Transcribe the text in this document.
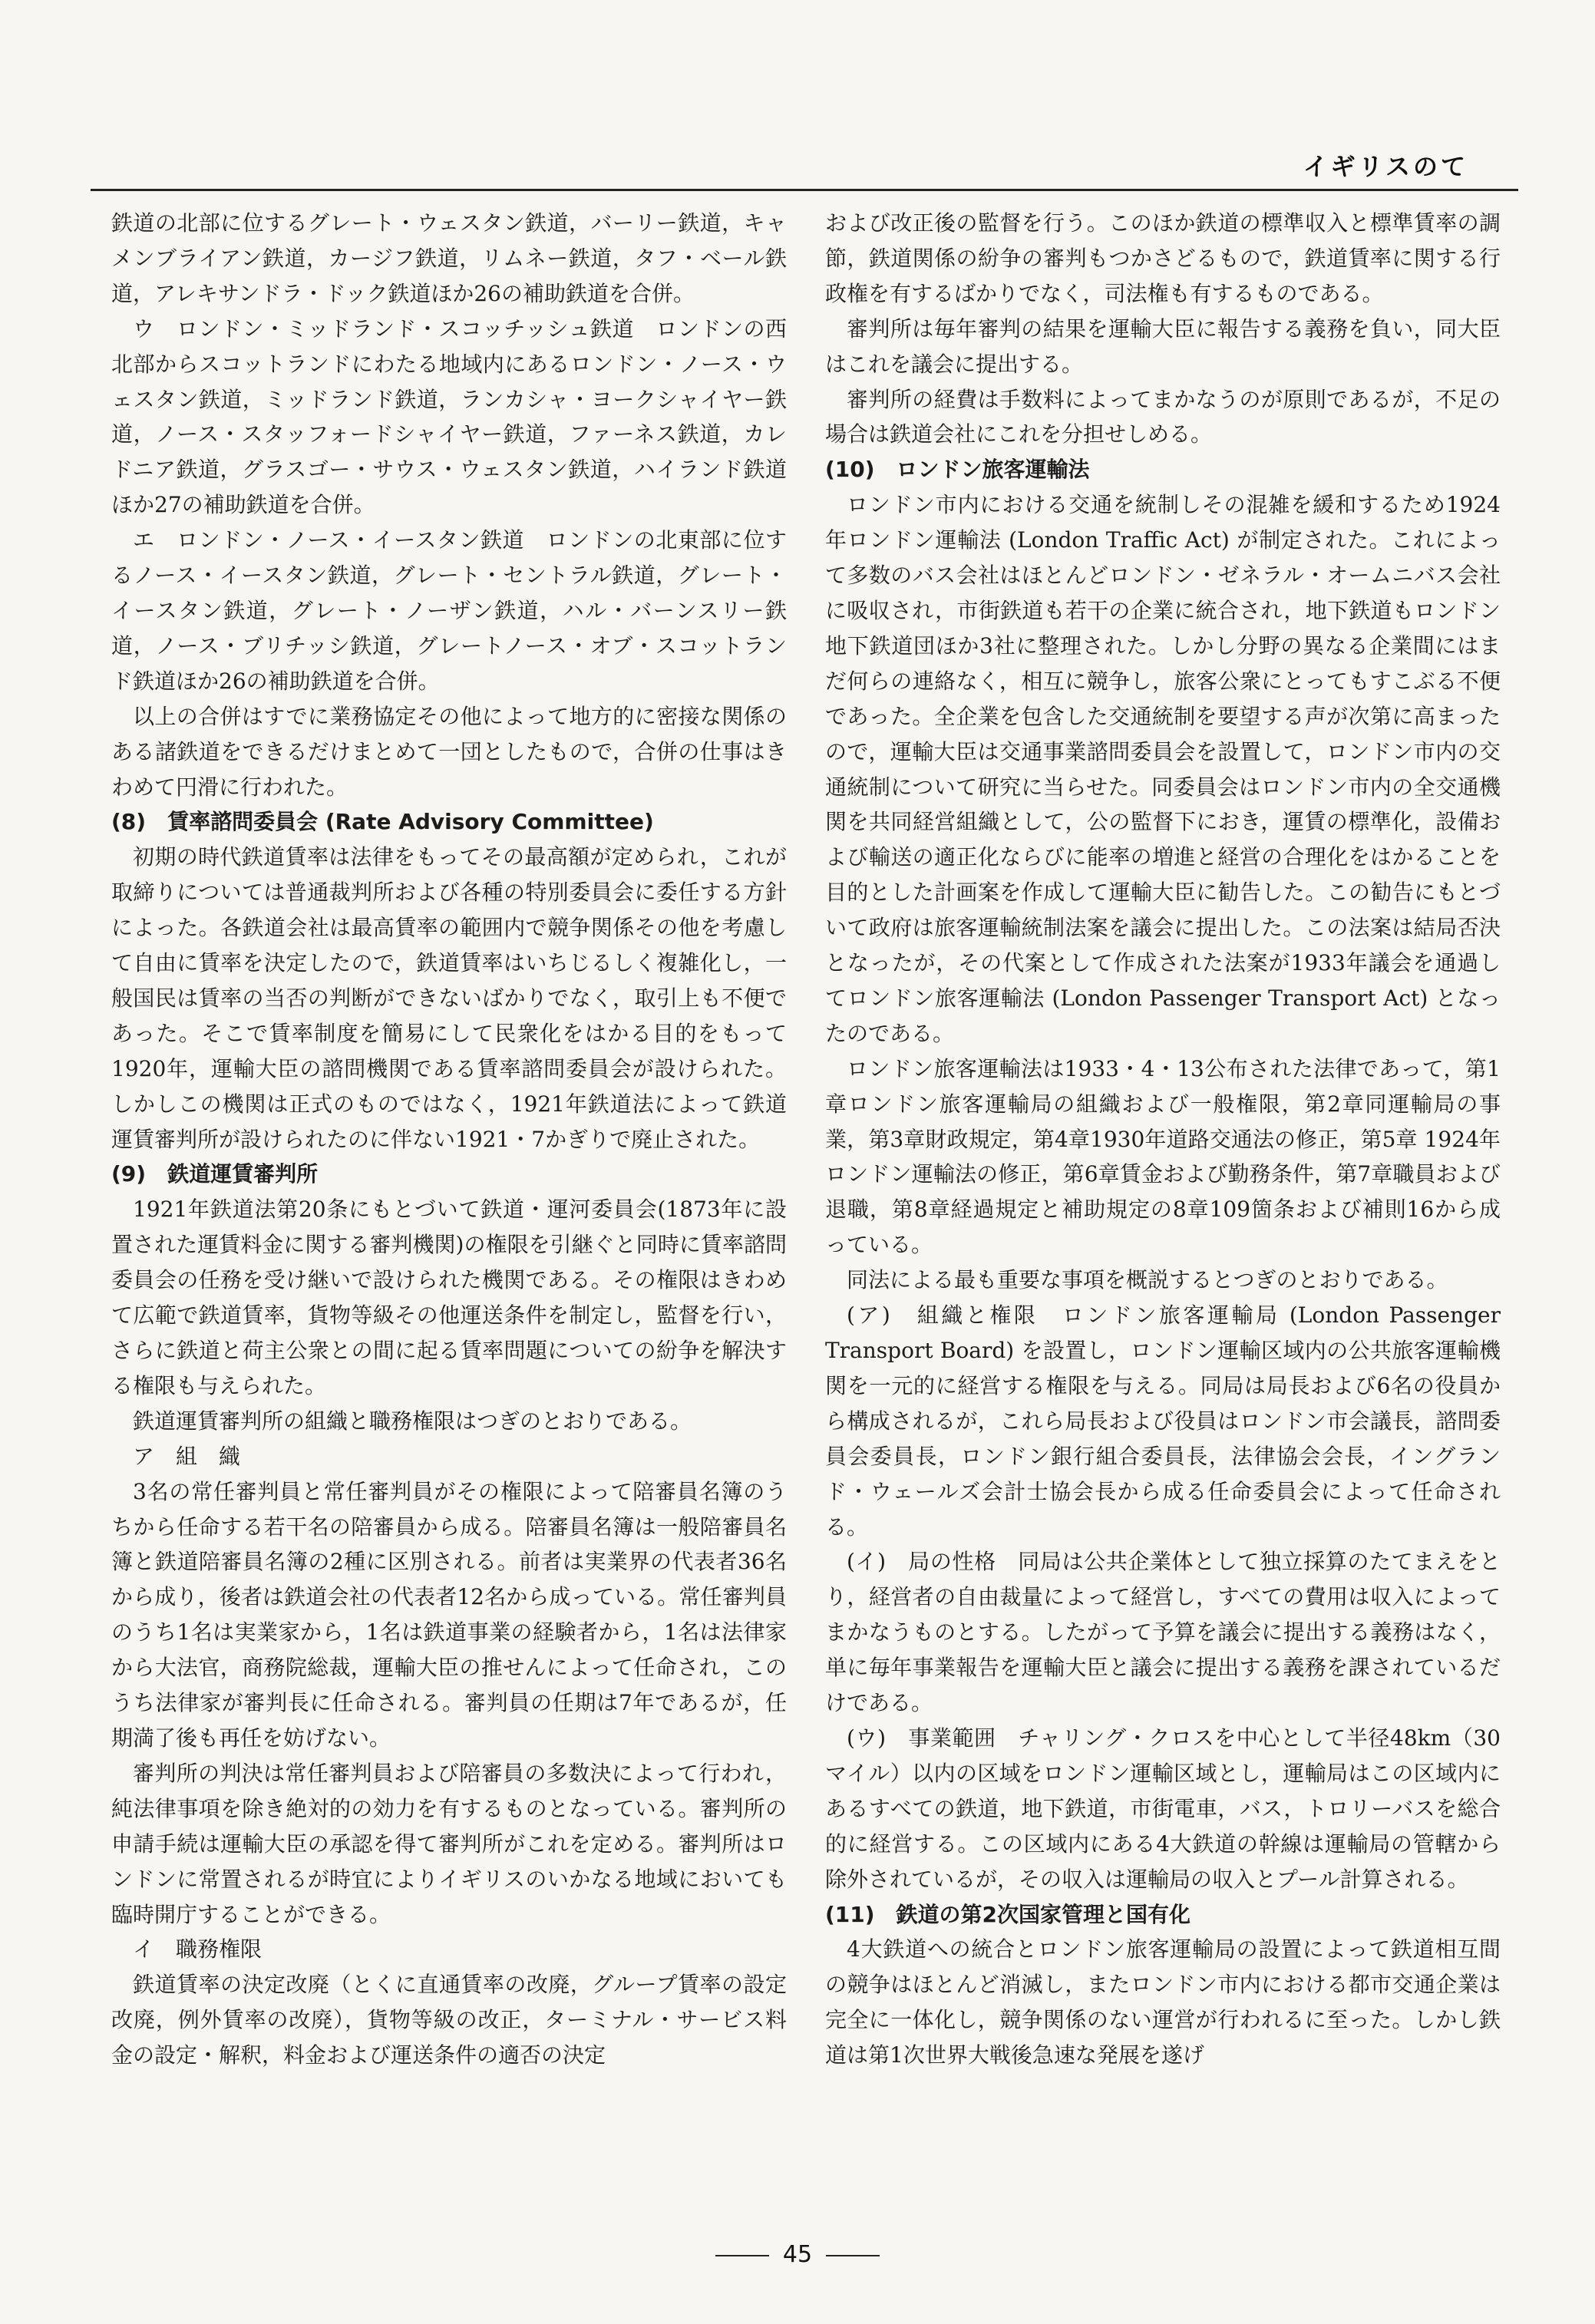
イギリスのて

鉄道の北部に位するグレート・ウェスタン鉄道，バーリー鉄道，キャメンブライアン鉄道，カージフ鉄道，リムネー鉄道，タフ・ベール鉄道，アレキサンドラ・ドック鉄道ほか26の補助鉄道を合併。

ウ　ロンドン・ミッドランド・スコッチッシュ鉄道　ロンドンの西北部からスコットランドにわたる地域内にあるロンドン・ノース・ウェスタン鉄道，ミッドランド鉄道，ランカシャ・ヨークシャイヤー鉄道，ノース・スタッフォードシャイヤー鉄道，ファーネス鉄道，カレドニア鉄道，グラスゴー・サウス・ウェスタン鉄道，ハイランド鉄道ほか27の補助鉄道を合併。

エ　ロンドン・ノース・イースタン鉄道　ロンドンの北東部に位するノース・イースタン鉄道，グレート・セントラル鉄道，グレート・イースタン鉄道，グレート・ノーザン鉄道，ハル・バーンスリー鉄道，ノース・ブリチッシ鉄道，グレートノース・オブ・スコットランド鉄道ほか26の補助鉄道を合併。

以上の合併はすでに業務協定その他によって地方的に密接な関係のある諸鉄道をできるだけまとめて一団としたもので，合併の仕事はきわめて円滑に行われた。

(8)　賃率諮問委員会 (Rate Advisory Committee)

初期の時代鉄道賃率は法律をもってその最高額が定められ，これが取締りについては普通裁判所および各種の特別委員会に委任する方針によった。各鉄道会社は最高賃率の範囲内で競争関係その他を考慮して自由に賃率を決定したので，鉄道賃率はいちじるしく複雑化し，一般国民は賃率の当否の判断ができないばかりでなく，取引上も不便であった。そこで賃率制度を簡易にして民衆化をはかる目的をもって1920年，運輸大臣の諮問機関である賃率諮問委員会が設けられた。しかしこの機関は正式のものではなく，1921年鉄道法によって鉄道運賃審判所が設けられたのに伴ない1921・7かぎりで廃止された。

(9)　鉄道運賃審判所

1921年鉄道法第20条にもとづいて鉄道・運河委員会(1873年に設置された運賃料金に関する審判機関)の権限を引継ぐと同時に賃率諮問委員会の任務を受け継いで設けられた機関である。その権限はきわめて広範で鉄道賃率，貨物等級その他運送条件を制定し，監督を行い，さらに鉄道と荷主公衆との間に起る賃率問題についての紛争を解決する権限も与えられた。

鉄道運賃審判所の組織と職務権限はつぎのとおりである。

ア　組　織

3名の常任審判員と常任審判員がその権限によって陪審員名簿のうちから任命する若干名の陪審員から成る。陪審員名簿は一般陪審員名簿と鉄道陪審員名簿の2種に区別される。前者は実業界の代表者36名から成り，後者は鉄道会社の代表者12名から成っている。常任審判員のうち1名は実業家から，1名は鉄道事業の経験者から，1名は法律家から大法官，商務院総裁，運輸大臣の推せんによって任命され，このうち法律家が審判長に任命される。審判員の任期は7年であるが，任期満了後も再任を妨げない。

審判所の判決は常任審判員および陪審員の多数決によって行われ，純法律事項を除き絶対的の効力を有するものとなっている。審判所の申請手続は運輸大臣の承認を得て審判所がこれを定める。審判所はロンドンに常置されるが時宜によりイギリスのいかなる地域においても臨時開庁することができる。

イ　職務権限

鉄道賃率の決定改廃（とくに直通賃率の改廃，グループ賃率の設定改廃，例外賃率の改廃），貨物等級の改正，ターミナル・サービス料金の設定・解釈，料金および運送条件の適否の決定

および改正後の監督を行う。このほか鉄道の標準収入と標準賃率の調節，鉄道関係の紛争の審判もつかさどるもので，鉄道賃率に関する行政権を有するばかりでなく，司法権も有するものである。

審判所は毎年審判の結果を運輸大臣に報告する義務を負い，同大臣はこれを議会に提出する。

審判所の経費は手数料によってまかなうのが原則であるが，不足の場合は鉄道会社にこれを分担せしめる。

(10)　ロンドン旅客運輸法

ロンドン市内における交通を統制しその混雑を緩和するため1924年ロンドン運輸法 (London Traffic Act) が制定された。これによって多数のバス会社はほとんどロンドン・ゼネラル・オームニバス会社に吸収され，市街鉄道も若干の企業に統合され，地下鉄道もロンドン地下鉄道団ほか3社に整理された。しかし分野の異なる企業間にはまだ何らの連絡なく，相互に競争し，旅客公衆にとってもすこぶる不便であった。全企業を包含した交通統制を要望する声が次第に高まったので，運輸大臣は交通事業諮問委員会を設置して，ロンドン市内の交通統制について研究に当らせた。同委員会はロンドン市内の全交通機関を共同経営組織として，公の監督下におき，運賃の標準化，設備および輸送の適正化ならびに能率の増進と経営の合理化をはかることを目的とした計画案を作成して運輸大臣に勧告した。この勧告にもとづいて政府は旅客運輸統制法案を議会に提出した。この法案は結局否決となったが，その代案として作成された法案が1933年議会を通過してロンドン旅客運輸法 (London Passenger Transport Act) となったのである。

ロンドン旅客運輸法は1933・4・13公布された法律であって，第1章ロンドン旅客運輸局の組織および一般権限，第2章同運輸局の事業，第3章財政規定，第4章1930年道路交通法の修正，第5章 1924年ロンドン運輸法の修正，第6章賃金および勤務条件，第7章職員および退職，第8章経過規定と補助規定の8章109箇条および補則16から成っている。

同法による最も重要な事項を概説するとつぎのとおりである。

(ア)　組織と権限　ロンドン旅客運輸局 (London Passenger Transport Board) を設置し，ロンドン運輸区域内の公共旅客運輸機関を一元的に経営する権限を与える。同局は局長および6名の役員から構成されるが，これら局長および役員はロンドン市会議長，諮問委員会委員長，ロンドン銀行組合委員長，法律協会会長，イングランド・ウェールズ会計士協会長から成る任命委員会によって任命される。

(イ)　局の性格　同局は公共企業体として独立採算のたてまえをとり，経営者の自由裁量によって経営し，すべての費用は収入によってまかなうものとする。したがって予算を議会に提出する義務はなく，単に毎年事業報告を運輸大臣と議会に提出する義務を課されているだけである。

(ウ)　事業範囲　チャリング・クロスを中心として半径48km（30マイル）以内の区域をロンドン運輸区域とし，運輸局はこの区域内にあるすべての鉄道，地下鉄道，市街電車，バス，トロリーバスを総合的に経営する。この区域内にある4大鉄道の幹線は運輸局の管轄から除外されているが，その収入は運輸局の収入とプール計算される。

(11)　鉄道の第2次国家管理と国有化

4大鉄道への統合とロンドン旅客運輸局の設置によって鉄道相互間の競争はほとんど消滅し，またロンドン市内における都市交通企業は完全に一体化し，競争関係のない運営が行われるに至った。しかし鉄道は第1次世界大戦後急速な発展を遂げ

45
